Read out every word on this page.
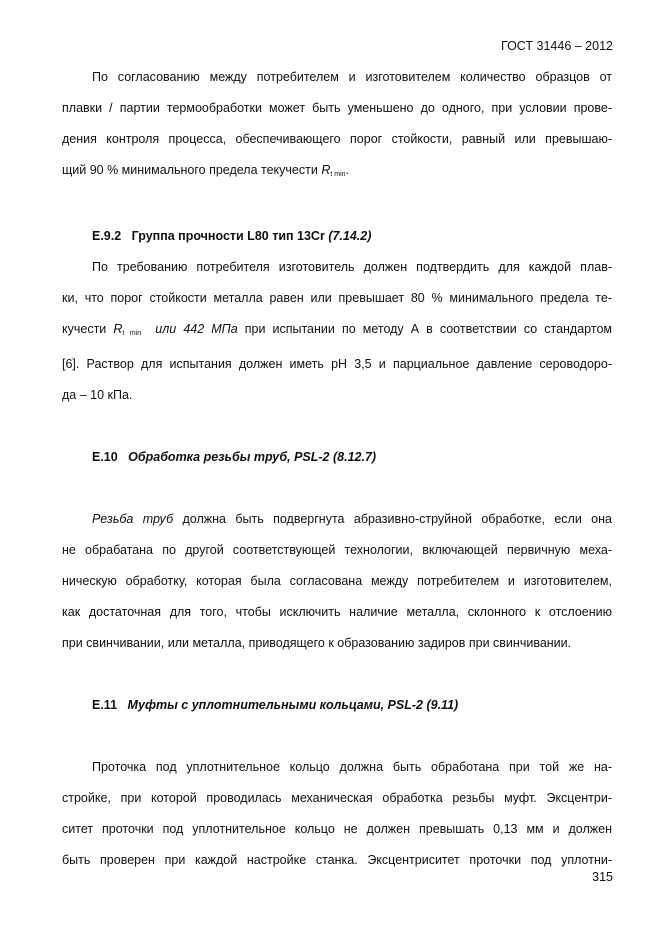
ГОСТ 31446 – 2012

По согласованию между потребителем и изготовителем количество образцов от
плавки / партии термообработки может быть уменьшено до одного, при условии прове-
дения контроля процесса, обеспечивающего порог стойкости, равный или превышаю-
щий 90 % минимального предела текучести $R_{t min}$.

Е.9.2 Группа прочности L80 тип 13Cr (7.14.2)

По требованию потребителя изготовитель должен подтвердить для каждой плав-
ки, что порог стойкости металла равен или превышает 80 % минимального предела те-
кучести $R_{t min}$ или 442 МПа при испытании по методу А в соответствии со стандартом
[6]. Раствор для испытания должен иметь рН 3,5 и парциальное давление сероводоро-
да – 10 кПа.

Е.10 Обработка резьбы труб, PSL-2 (8.12.7)

Резьба труб должна быть подвергнута абразивно-струйной обработке, если она
не обрабатана по другой соответствующей технологии, включающей первичную меха-
ническую обработку, которая была согласована между потребителем и изготовителем,
как достаточная для того, чтобы исключить наличие металла, склонного к отслоению
при свинчивании, или металла, приводящего к образованию задиров при свинчивании.

Е.11 Муфты с уплотнительными кольцами, PSL-2 (9.11)

Проточка под уплотнительное кольцо должна быть обработана при той же на-
стройке, при которой проводилась механическая обработка резьбы муфт. Эксцентри-
ситет проточки под уплотнительное кольцо не должен превышать 0,13 мм и должен
быть проверен при каждой настройке станка. Эксцентриситет проточки под уплотни-

315
